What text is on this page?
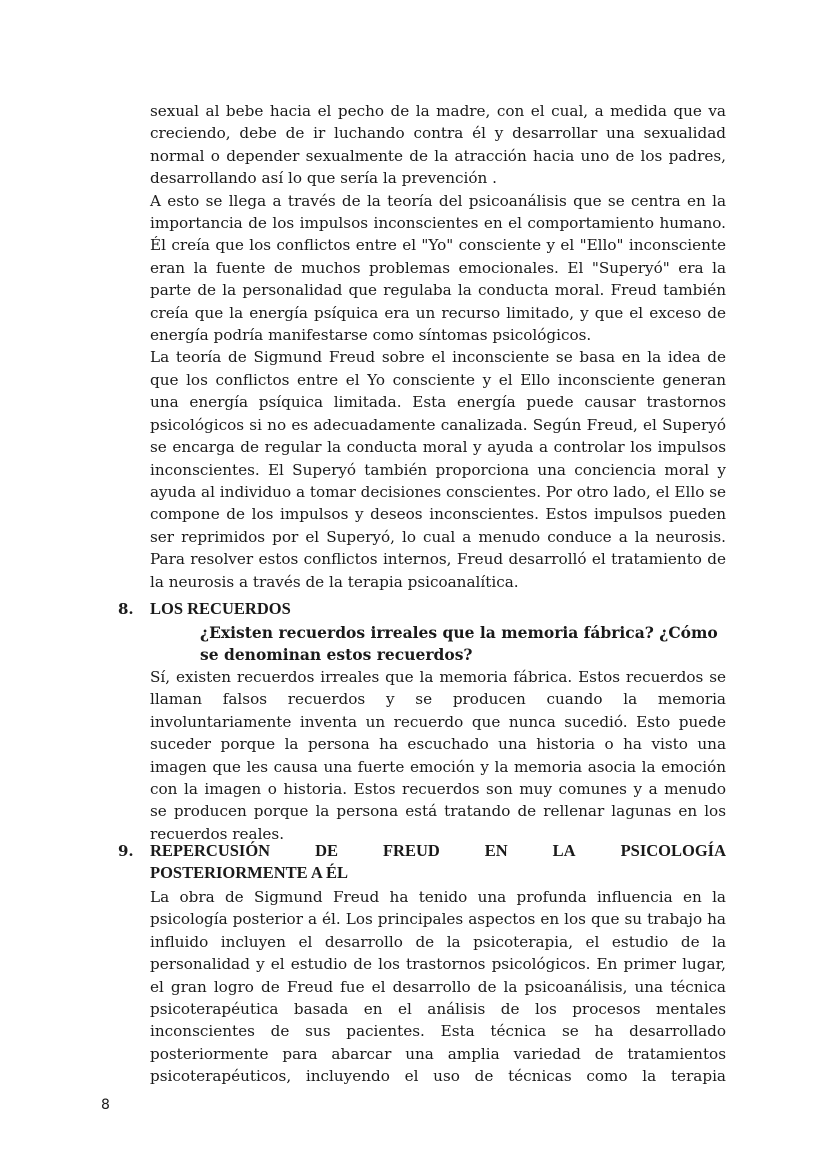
sexual al bebe hacia el pecho de la madre, con el cual, a medida que va creciendo, debe de ir luchando contra él y desarrollar una sexualidad normal o depender sexualmente de la atracción hacia uno de los padres, desarrollando así lo que sería la prevención .

A esto se llega a través de la teoría del psicoanálisis que se centra en la importancia de los impulsos inconscientes en el comportamiento humano. Él creía que los conflictos entre el "Yo" consciente y el "Ello" inconsciente eran la fuente de muchos problemas emocionales. El "Superyó" era la parte de la personalidad que regulaba la conducta moral. Freud también creía que la energía psíquica era un recurso limitado, y que el exceso de energía podría manifestarse como síntomas psicológicos.

La teoría de Sigmund Freud sobre el inconsciente se basa en la idea de que los conflictos entre el Yo consciente y el Ello inconsciente generan una energía psíquica limitada. Esta energía puede causar trastornos psicológicos si no es adecuadamente canalizada. Según Freud, el Superyó se encarga de regular la conducta moral y ayuda a controlar los impulsos inconscientes. El Superyó también proporciona una conciencia moral y ayuda al individuo a tomar decisiones conscientes. Por otro lado, el Ello se compone de los impulsos y deseos inconscientes. Estos impulsos pueden ser reprimidos por el Superyó, lo cual a menudo conduce a la neurosis. Para resolver estos conflictos internos, Freud desarrolló el tratamiento de la neurosis a través de la terapia psicoanalítica.

8. LOS RECUERDOS
¿Existen recuerdos irreales que la memoria fábrica? ¿Cómo se denominan estos recuerdos?

Sí, existen recuerdos irreales que la memoria fábrica. Estos recuerdos se llaman falsos recuerdos y se producen cuando la memoria involuntariamente inventa un recuerdo que nunca sucedió. Esto puede suceder porque la persona ha escuchado una historia o ha visto una imagen que les causa una fuerte emoción y la memoria asocia la emoción con la imagen o historia. Estos recuerdos son muy comunes y a menudo se producen porque la persona está tratando de rellenar lagunas en los recuerdos reales.

9. REPERCUSIÓN	DE	FREUD	EN	LA	PSICOLOGÍA
POSTERIORMENTE A ÉL

La obra de Sigmund Freud ha tenido una profunda influencia en la psicología posterior a él. Los principales aspectos en los que su trabajo ha influido incluyen el desarrollo de la psicoterapia, el estudio de la personalidad y el estudio de los trastornos psicológicos. En primer lugar, el gran logro de Freud fue el desarrollo de la psicoanálisis, una técnica psicoterapéutica basada en el análisis de los procesos mentales inconscientes de sus pacientes. Esta técnica se ha desarrollado posteriormente para abarcar una amplia variedad de tratamientos psicoterapéuticos, incluyendo el uso de técnicas como la terapia

8
